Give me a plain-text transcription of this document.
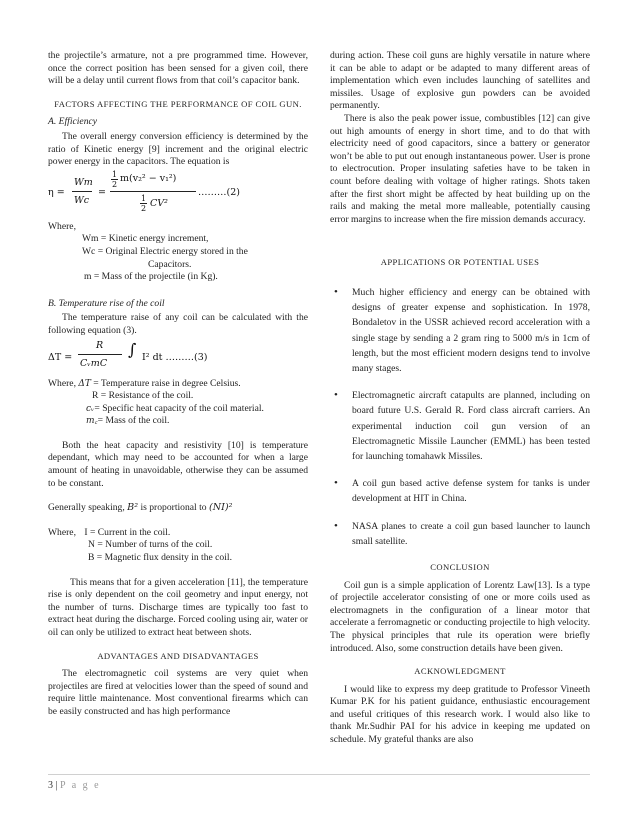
the projectile’s armature, not a pre programmed time. However, once the correct position has been sensed for a given coil, there will be a delay until current flows from that coil’s capacitor bank.

FACTORS AFFECTING THE PERFORMANCE OF COIL GUN.
A. Efficiency

The overall energy conversion efficiency is determined by the ratio of Kinetic energy [9] increment and the original electric power energy in the capacitors. The equation is

η =
Wm
Wc
=
1
2
m(v₂² − v₁²)
1
2 CV²
………(2)

Where,

Wm = Kinetic energy increment,

Wc = Original Electric energy stored in the

Capacitors.

m = Mass of the projectile (in Kg).

B. Temperature rise of the coil

The temperature raise of any coil can be calculated with the following equation (3).

ΔT =
R
CᵥmC
∫ I² dt ………(3)

Where, ΔT = Temperature raise in degree Celsius.

R = Resistance of the coil.

cᵥ= Specific heat capacity of the coil material.

m꜀= Mass of the coil.

Both the heat capacity and resistivity [10] is temperature dependant, which may need to be accounted for when a large amount of heating in unavoidable, otherwise they can be assumed to be constant.

Generally speaking, B² is proportional to (NI)²

Where, I = Current in the coil.

N = Number of turns of the coil.

B = Magnetic flux density in the coil.

This means that for a given acceleration [11], the temperature rise is only dependent on the coil geometry and input energy, not the number of turns. Discharge times are typically too fast to extract heat during the discharge. Forced cooling using air, water or oil can only be utilized to extract heat between shots.

ADVANTAGES AND DISADVANTAGES

The electromagnetic coil systems are very quiet when projectiles are fired at velocities lower than the speed of sound and require little maintenance. Most conventional firearms which can be easily constructed and has high performance

during action. These coil guns are highly versatile in nature where it can be able to adapt or be adapted to many different areas of implementation which even includes launching of satellites and missiles. Usage of explosive gun powders can be avoided permanently.

There is also the peak power issue, combustibles [12] can give out high amounts of energy in short time, and to do that with electricity need of good capacitors, since a battery or generator won’t be able to put out enough instantaneous power. User is prone to electrocution. Proper insulating safeties have to be taken in count before dealing with voltage of higher ratings. Shots taken after the first short might be affected by heat building up on the rails and making the metal more malleable, potentially causing error margins to increase when the fire mission demands accuracy.

APPLICATIONS OR POTENTIAL USES
• Much higher efficiency and energy can be obtained with designs of greater expense and sophistication. In 1978, Bondaletov in the USSR achieved record acceleration with a single stage by sending a 2 gram ring to 5000 m/s in 1cm of length, but the most efficient modern designs tend to involve many stages.
• Electromagnetic aircraft catapults are planned, including on board future U.S. Gerald R. Ford class aircraft carriers. An experimental induction coil gun version of an Electromagnetic Missile Launcher (EMML) has been tested for launching tomahawk Missiles.
• A coil gun based active defense system for tanks is under development at HIT in China.
• NASA planes to create a coil gun based launcher to launch small satellite.
CONCLUSION

Coil gun is a simple application of Lorentz Law[13]. Is a type of projectile accelerator consisting of one or more coils used as electromagnets in the configuration of a linear motor that accelerate a ferromagnetic or conducting projectile to high velocity. The physical principles that rule its operation were briefly introduced. Also, some construction details have been given.

ACKNOWLEDGMENT

I would like to express my deep gratitude to Professor Vineeth Kumar P.K for his patient guidance, enthusiastic encouragement and useful critiques of this research work. I would also like to thank Mr.Sudhir PAI for his advice in keeping me updated on schedule. My grateful thanks are also

3 | P a g e
